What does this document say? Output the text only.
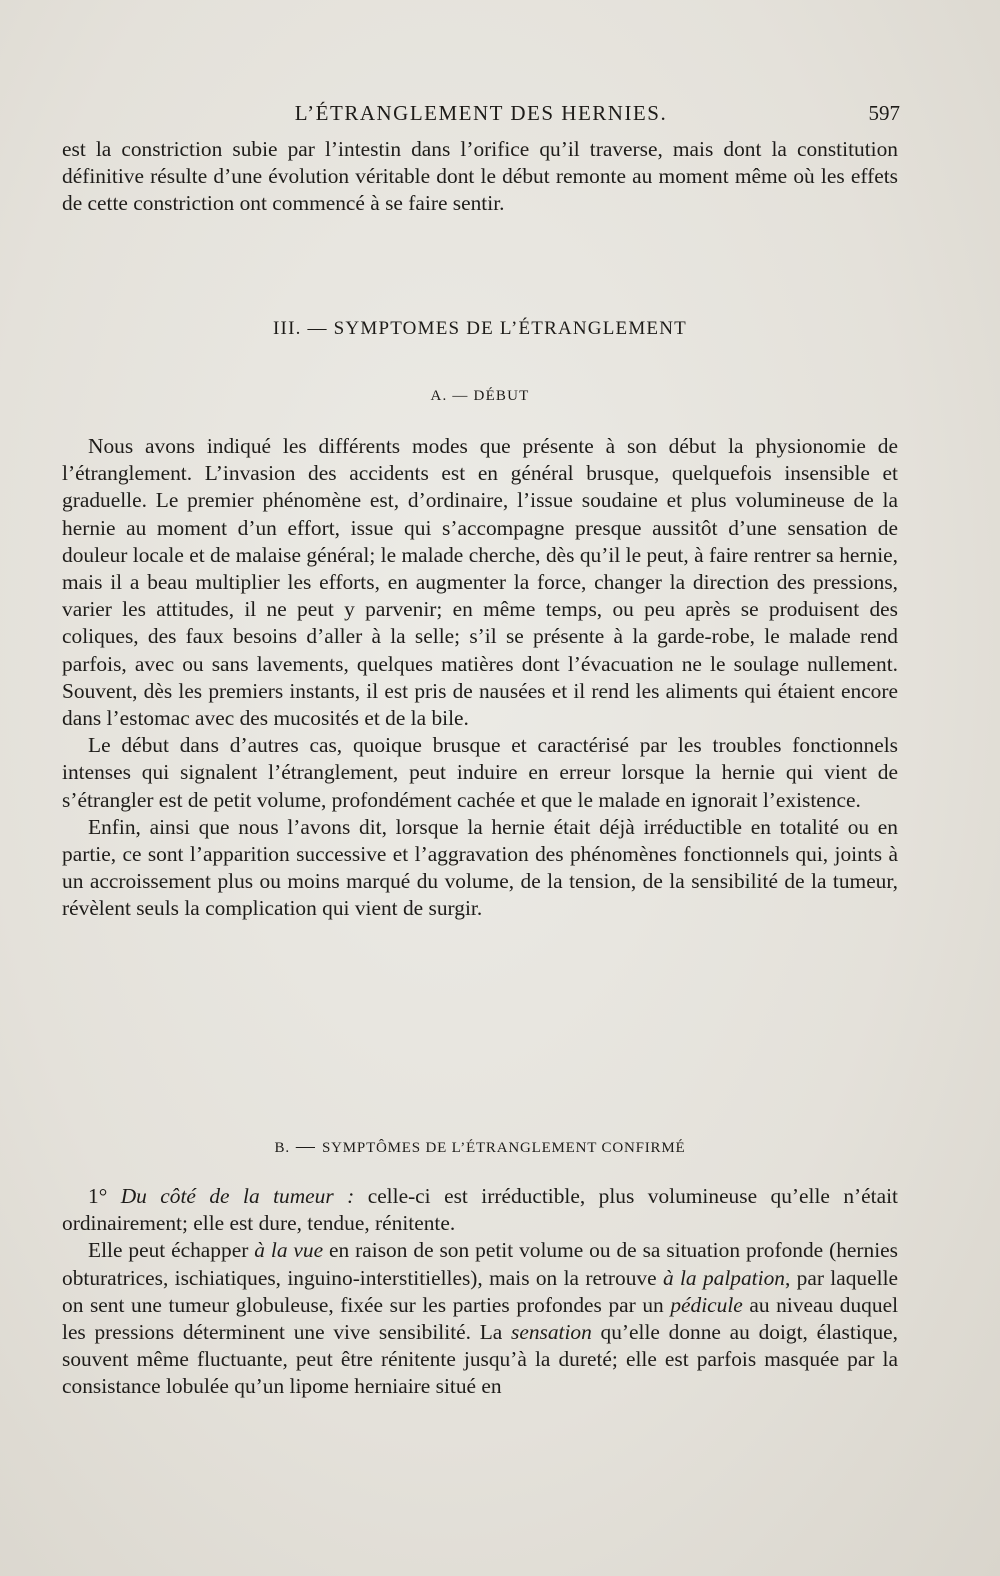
L’ÉTRANGLEMENT DES HERNIES.	597

est la constriction subie par l’intestin dans l’orifice qu’il traverse, mais dont la constitution définitive résulte d’une évolution véritable dont le début remonte au moment même où les effets de cette constriction ont commencé à se faire sentir.

III. — SYMPTOMES DE L’ÉTRANGLEMENT
A. — DÉBUT

Nous avons indiqué les différents modes que présente à son début la physionomie de l’étranglement. L’invasion des accidents est en général brusque, quelquefois insensible et graduelle. Le premier phénomène est, d’ordinaire, l’issue soudaine et plus volumineuse de la hernie au moment d’un effort, issue qui s’accompagne presque aussitôt d’une sensation de douleur locale et de malaise général; le malade cherche, dès qu’il le peut, à faire rentrer sa hernie, mais il a beau multiplier les efforts, en augmenter la force, changer la direction des pressions, varier les attitudes, il ne peut y parvenir; en même temps, ou peu après se produisent des coliques, des faux besoins d’aller à la selle; s’il se présente à la garde-robe, le malade rend parfois, avec ou sans lavements, quelques matières dont l’évacuation ne le soulage nullement. Souvent, dès les premiers instants, il est pris de nausées et il rend les aliments qui étaient encore dans l’estomac avec des mucosités et de la bile.

Le début dans d’autres cas, quoique brusque et caractérisé par les troubles fonctionnels intenses qui signalent l’étranglement, peut induire en erreur lorsque la hernie qui vient de s’étrangler est de petit volume, profondément cachée et que le malade en ignorait l’existence.

Enfin, ainsi que nous l’avons dit, lorsque la hernie était déjà irréductible en totalité ou en partie, ce sont l’apparition successive et l’aggravation des phénomènes fonctionnels qui, joints à un accroissement plus ou moins marqué du volume, de la tension, de la sensibilité de la tumeur, révèlent seuls la complication qui vient de surgir.

B. — SYMPTÔMES DE L’ÉTRANGLEMENT CONFIRMÉ

1° Du côté de la tumeur : celle-ci est irréductible, plus volumineuse qu’elle n’était ordinairement; elle est dure, tendue, rénitente.

Elle peut échapper à la vue en raison de son petit volume ou de sa situation profonde (hernies obturatrices, ischiatiques, inguino-interstitielles), mais on la retrouve à la palpation, par laquelle on sent une tumeur globuleuse, fixée sur les parties profondes par un pédicule au niveau duquel les pressions déterminent une vive sensibilité. La sensation qu’elle donne au doigt, élastique, souvent même fluctuante, peut être rénitente jusqu’à la dureté; elle est parfois masquée par la consistance lobulée qu’un lipome herniaire situé en
